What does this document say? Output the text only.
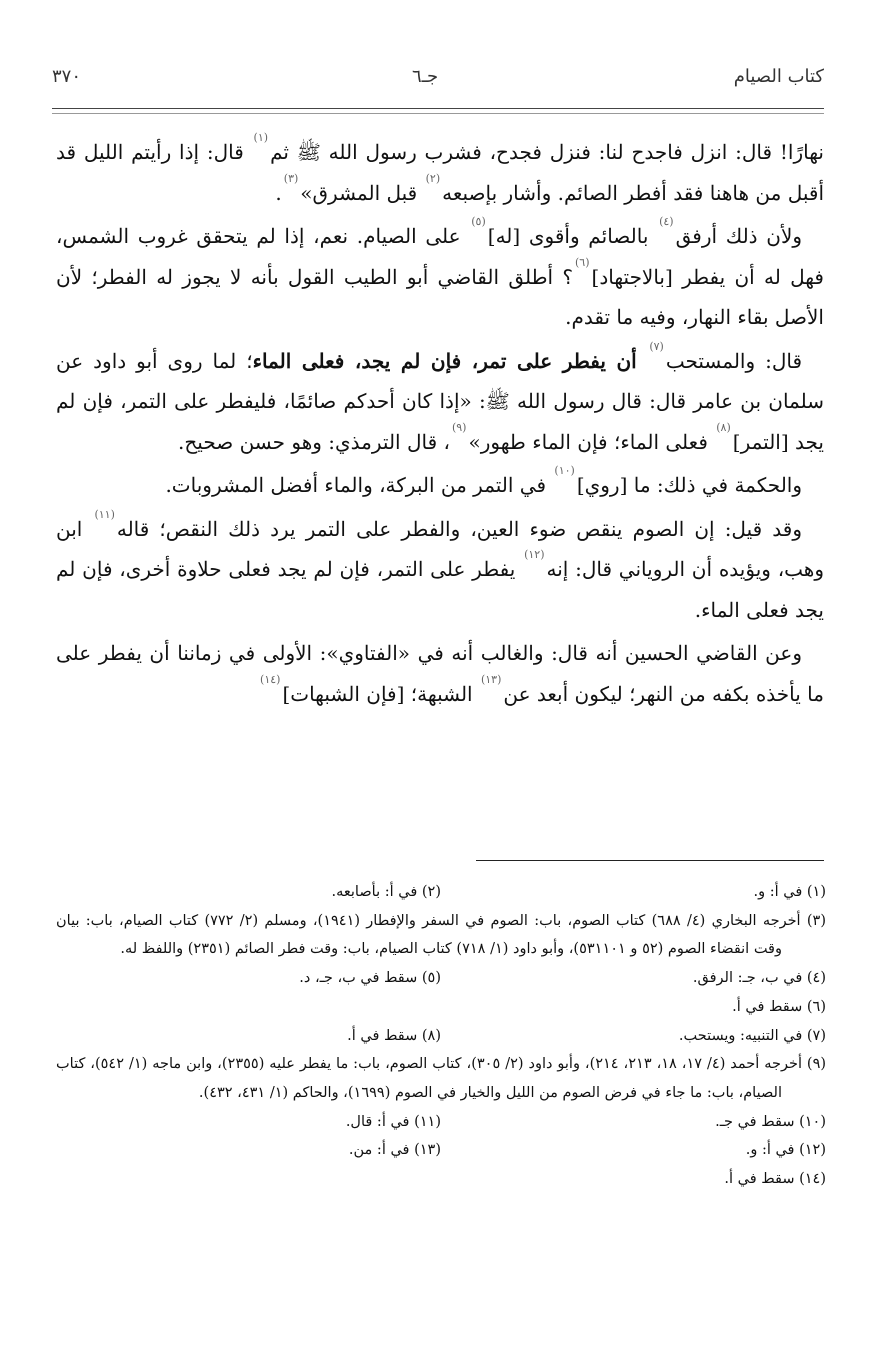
٣٧٠	جـ٦	كتاب الصيام

نهارًا! قال: انزل فاجدح لنا: فنزل فجدح، فشرب رسول الله ﷺ ثم$^{(١)}$ قال: إذا رأيتم الليل قد أقبل من هاهنا فقد أفطر الصائم. وأشار بإصبعه$^{(٢)}$ قبل المشرق»$^{(٣)}$.

ولأن ذلك أرفق$^{(٤)}$ بالصائم وأقوى [له]$^{(٥)}$ على الصيام. نعم، إذا لم يتحقق غروب الشمس، فهل له أن يفطر [بالاجتهاد]$^{(٦)}$؟ أطلق القاضي أبو الطيب القول بأنه لا يجوز له الفطر؛ لأن الأصل بقاء النهار، وفيه ما تقدم.

قال: والمستحب$^{(٧)}$ أن يفطر على تمر، فإن لم يجد، فعلى الماء؛ لما روى أبو داود عن سلمان بن عامر قال: قال رسول الله ﷺ: «إذا كان أحدكم صائمًا، فليفطر على التمر، فإن لم يجد [التمر]$^{(٨)}$ فعلى الماء؛ فإن الماء طهور»$^{(٩)}$، قال الترمذي: وهو حسن صحيح.

والحكمة في ذلك: ما [روي]$^{(١٠)}$ في التمر من البركة، والماء أفضل المشروبات.

وقد قيل: إن الصوم ينقص ضوء العين، والفطر على التمر يرد ذلك النقص؛ قاله$^{(١١)}$ ابن وهب، ويؤيده أن الروياني قال: إنه$^{(١٢)}$ يفطر على التمر، فإن لم يجد فعلى حلاوة أخرى، فإن لم يجد فعلى الماء.

وعن القاضي الحسين أنه قال: والغالب أنه في «الفتاوي»: الأولى في زماننا أن يفطر على ما يأخذه بكفه من النهر؛ ليكون أبعد عن$^{(١٣)}$ الشبهة؛ [فإن الشبهات]$^{(١٤)}$

(١) في أ: و.
(٢) في أ: بأصابعه.
(٣) أخرجه البخاري (٤/ ٦٨٨) كتاب الصوم، باب: الصوم في السفر والإفطار (١٩٤١)، ومسلم (٢/ ٧٧٢) كتاب الصيام، باب: بيان وقت انقضاء الصوم (٥٢ و ٥٣١١٠١)، وأبو داود (١/ ٧١٨) كتاب الصيام، باب: وقت فطر الصائم (٢٣٥١) واللفظ له.
(٤) في ب، جـ: الرفق.
(٥) سقط في ب، جـ، د.
(٦) سقط في أ.
(٧) في التنبيه: ويستحب.
(٨) سقط في أ.
(٩) أخرجه أحمد (٤/ ١٧، ١٨، ٢١٣، ٢١٤)، وأبو داود (٢/ ٣٠٥)، كتاب الصوم، باب: ما يفطر عليه (٢٣٥٥)، وابن ماجه (١/ ٥٤٢)، كتاب الصيام، باب: ما جاء في فرض الصوم من الليل والخيار في الصوم (١٦٩٩)، والحاكم (١/ ٤٣١، ٤٣٢).
(١٠) سقط في جـ.
(١١) في أ: قال.
(١٢) في أ: و.
(١٣) في أ: من.
(١٤) سقط في أ.
